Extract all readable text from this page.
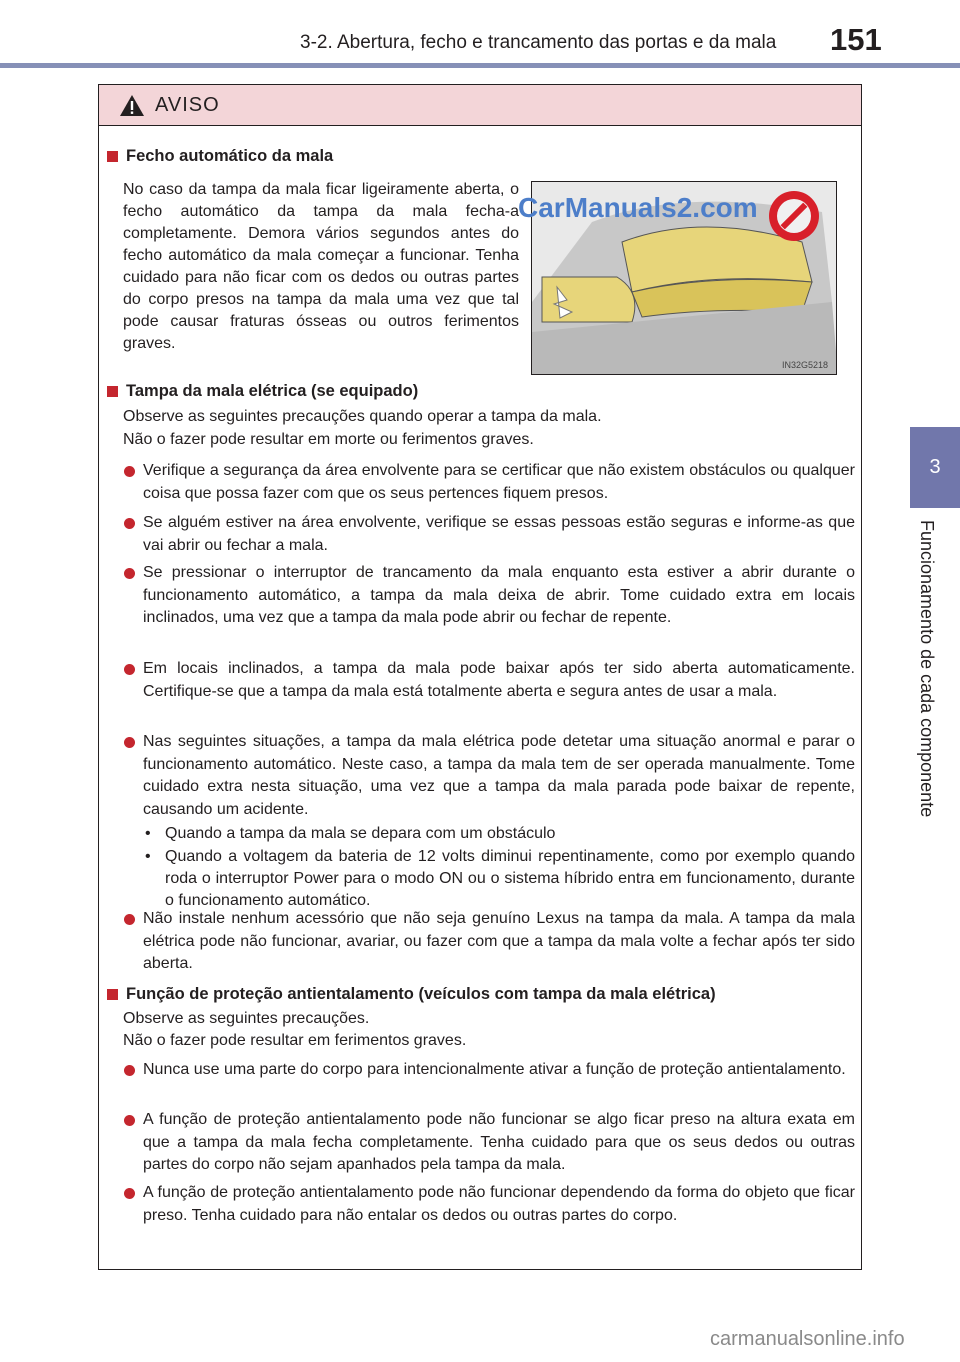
3-2. Abertura, fecho e trancamento das portas e da mala 151
3
Funcionamento de cada componente
AVISO
Fecho automático da mala
No caso da tampa da mala ficar ligeiramente aberta, o fecho automático da tampa da mala fecha-a completamente. Demora vários segundos antes do fecho automático da mala começar a funcionar. Tenha cuidado para não ficar com os dedos ou outras partes do corpo presos na tampa da mala uma vez que tal pode causar fraturas ósseas ou outros ferimentos graves.
IN32G5218
Tampa da mala elétrica (se equipado)
Observe as seguintes precauções quando operar a tampa da mala.
Não o fazer pode resultar em morte ou ferimentos graves.
Verifique a segurança da área envolvente para se certificar que não existem obstáculos ou qualquer coisa que possa fazer com que os seus pertences fiquem presos.
Se alguém estiver na área envolvente, verifique se essas pessoas estão seguras e informe-as que vai abrir ou fechar a mala.
Se pressionar o interruptor de trancamento da mala enquanto esta estiver a abrir durante o funcionamento automático, a tampa da mala deixa de abrir. Tome cuidado extra em locais inclinados, uma vez que a tampa da mala pode abrir ou fechar de repente.
Em locais inclinados, a tampa da mala pode baixar após ter sido aberta automaticamente. Certifique-se que a tampa da mala está totalmente aberta e segura antes de usar a mala.
Nas seguintes situações, a tampa da mala elétrica pode detetar uma situação anormal e parar o funcionamento automático. Neste caso, a tampa da mala tem de ser operada manualmente. Tome cuidado extra nesta situação, uma vez que a tampa da mala parada pode baixar de repente, causando um acidente.
• Quando a tampa da mala se depara com um obstáculo
• Quando a voltagem da bateria de 12 volts diminui repentinamente, como por exemplo quando roda o interruptor Power para o modo ON ou o sistema híbrido entra em funcionamento, durante o funcionamento automático.
Não instale nenhum acessório que não seja genuíno Lexus na tampa da mala. A tampa da mala elétrica pode não funcionar, avariar, ou fazer com que a tampa da mala volte a fechar após ter sido aberta.
Função de proteção antientalamento (veículos com tampa da mala elétrica)
Observe as seguintes precauções.
Não o fazer pode resultar em ferimentos graves.
Nunca use uma parte do corpo para intencionalmente ativar a função de proteção antientalamento.
A função de proteção antientalamento pode não funcionar se algo ficar preso na altura exata em que a tampa da mala fecha completamente. Tenha cuidado para que os seus dedos ou outras partes do corpo não sejam apanhados pela tampa da mala.
A função de proteção antientalamento pode não funcionar dependendo da forma do objeto que ficar preso. Tenha cuidado para não entalar os dedos ou outras partes do corpo.
CarManuals2.com
carmanualsonline.info
